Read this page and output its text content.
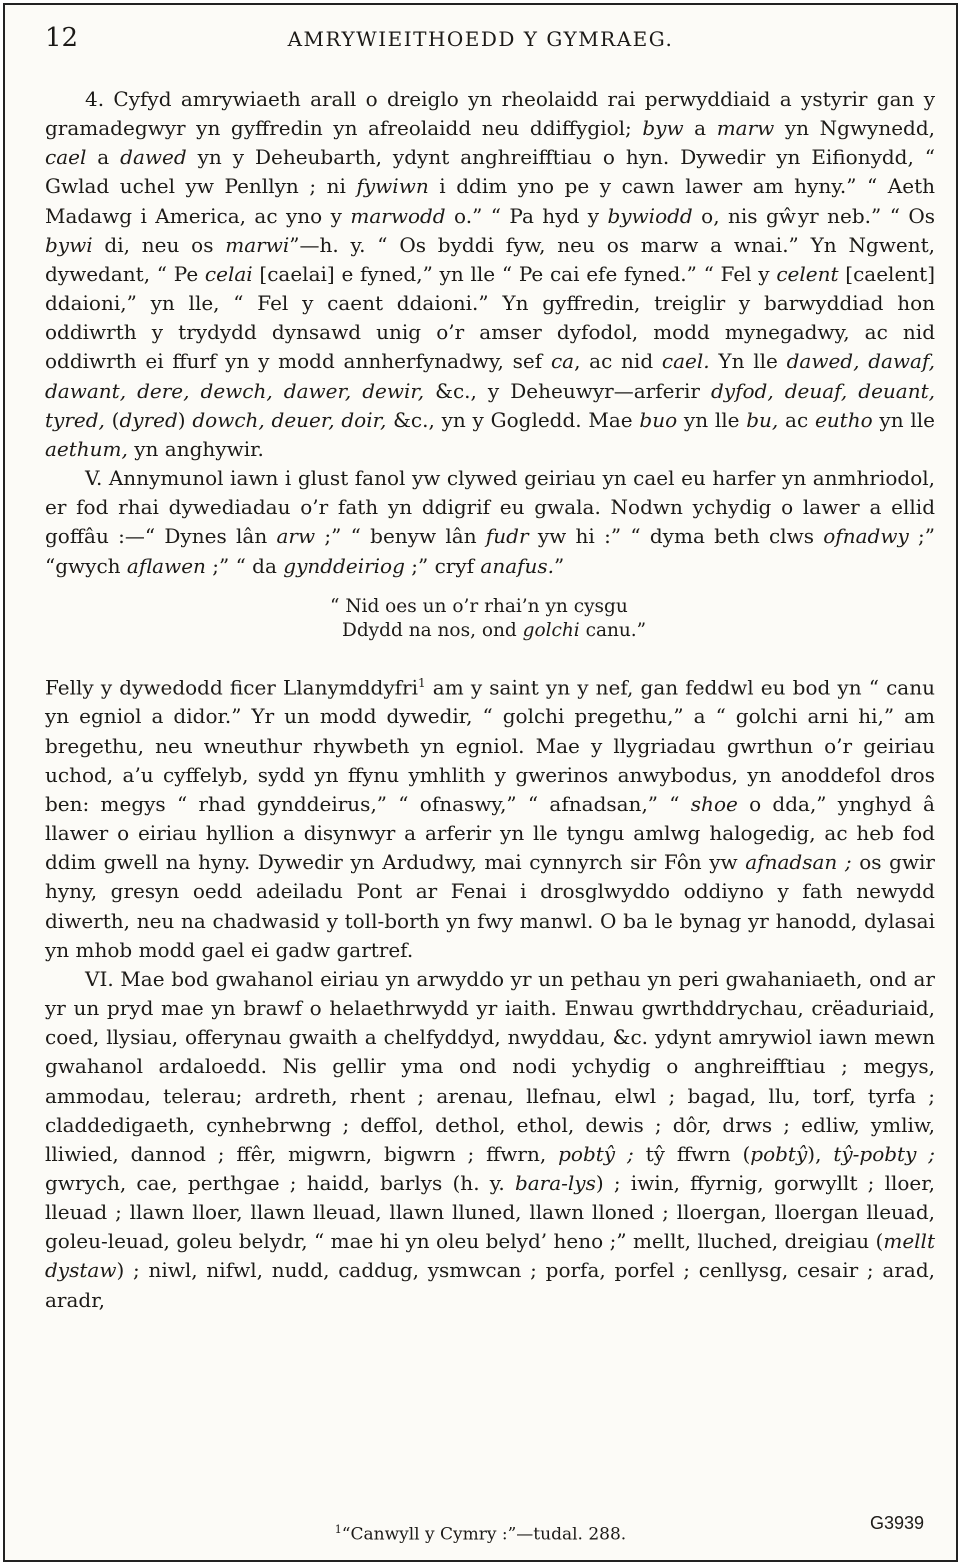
12	AMRYWIEITHOEDD Y GYMRAEG.

4. Cyfyd amrywiaeth arall o dreiglo yn rheolaidd rai perwyddiaid a ystyrir gan y gramadegwyr yn gyffredin yn afreolaidd neu ddiffygiol; byw a marw yn Ngwynedd, cael a dawed yn y Deheubarth, ydynt anghreifftiau o hyn. Dywedir yn Eifionydd, “ Gwlad uchel yw Penllyn ; ni fywiwn i ddim yno pe y cawn lawer am hyny.” “ Aeth Madawg i America, ac yno y marwodd o.” “ Pa hyd y bywiodd o, nis gŵyr neb.” “ Os bywi di, neu os marwi”—h. y. “ Os byddi fyw, neu os marw a wnai.” Yn Ngwent, dywedant, “ Pe celai [caelai] e fyned,” yn lle “ Pe cai efe fyned.” “ Fel y celent [caelent] ddaioni,” yn lle, “ Fel y caent ddaioni.” Yn gyffredin, treiglir y barwyddiad hon oddiwrth y trydydd dynsawd unig o’r amser dyfodol, modd mynegadwy, ac nid oddiwrth ei ffurf yn y modd annherfynadwy, sef ca, ac nid cael. Yn lle dawed, dawaf, dawant, dere, dewch, dawer, dewir, &c., y Deheuwyr—arferir dyfod, deuaf, deuant, tyred, (dyred) dowch, deuer, doir, &c., yn y Gogledd. Mae buo yn lle bu, ac eutho yn lle aethum, yn anghywir.

V. Annymunol iawn i glust fanol yw clywed geiriau yn cael eu harfer yn anmhriodol, er fod rhai dywediadau o’r fath yn ddigrif eu gwala. Nodwn ychydig o lawer a ellid goffâu :—“ Dynes lân arw ;” “ benyw lân fudr yw hi :” “ dyma beth clws ofnadwy ;” “gwych aflawen ;” “ da gynddeiriog ;” cryf anafus.”

“ Nid oes un o’r rhai’n yn cysgu
Ddydd na nos, ond golchi canu.”

Felly y dywedodd ficer Llanymddyfri$^1$ am y saint yn y nef, gan feddwl eu bod yn “ canu yn egniol a didor.” Yr un modd dywedir, “ golchi pregethu,” a “ golchi arni hi,” am bregethu, neu wneuthur rhywbeth yn egniol. Mae y llygriadau gwrthun o’r geiriau uchod, a’u cyffelyb, sydd yn ffynu ymhlith y gwerinos anwybodus, yn anoddefol dros ben: megys “ rhad gynddeirus,” “ ofnaswy,” “ afnadsan,” “ shoe o dda,” ynghyd â llawer o eiriau hyllion a disynwyr a arferir yn lle tyngu amlwg halogedig, ac heb fod ddim gwell na hyny. Dywedir yn Ardudwy, mai cynnyrch sir Fôn yw afnadsan ; os gwir hyny, gresyn oedd adeiladu Pont ar Fenai i drosglwyddo oddiyno y fath newydd diwerth, neu na chadwasid y toll-borth yn fwy manwl. O ba le bynag yr hanodd, dylasai yn mhob modd gael ei gadw gartref.

VI. Mae bod gwahanol eiriau yn arwyddo yr un pethau yn peri gwahaniaeth, ond ar yr un pryd mae yn brawf o helaethrwydd yr iaith. Enwau gwrthddrychau, crëaduriaid, coed, llysiau, offerynau gwaith a chelfyddyd, nwyddau, &c. ydynt amrywiol iawn mewn gwahanol ardaloedd. Nis gellir yma ond nodi ychydig o anghreifftiau ; megys, ammodau, telerau; ardreth, rhent ; arenau, llefnau, elwl ; bagad, llu, torf, tyrfa ; claddedigaeth, cynhebrwng ; deffol, dethol, ethol, dewis ; dôr, drws ; edliw, ymliw, lliwied, dannod ; ffêr, migwrn, bigwrn ; ffwrn, pobtŷ ; tŷ ffwrn (pobtŷ), tŷ-pobty ; gwrych, cae, perthgae ; haidd, barlys (h. y. bara-lys) ; iwin, ffyrnig, gorwyllt ; lloer, lleuad ; llawn lloer, llawn lleuad, llawn lluned, llawn lloned ; lloergan, lloergan lleuad, goleu-leuad, goleu belydr, “ mae hi yn oleu belyd’ heno ;” mellt, lluched, dreigiau (mellt dystaw) ; niwl, nifwl, nudd, caddug, ysmwcan ; porfa, porfel ; cenllysg, cesair ; arad, aradr,

$^1$“Canwyll y Cymry :”—tudal. 288.
G3939
